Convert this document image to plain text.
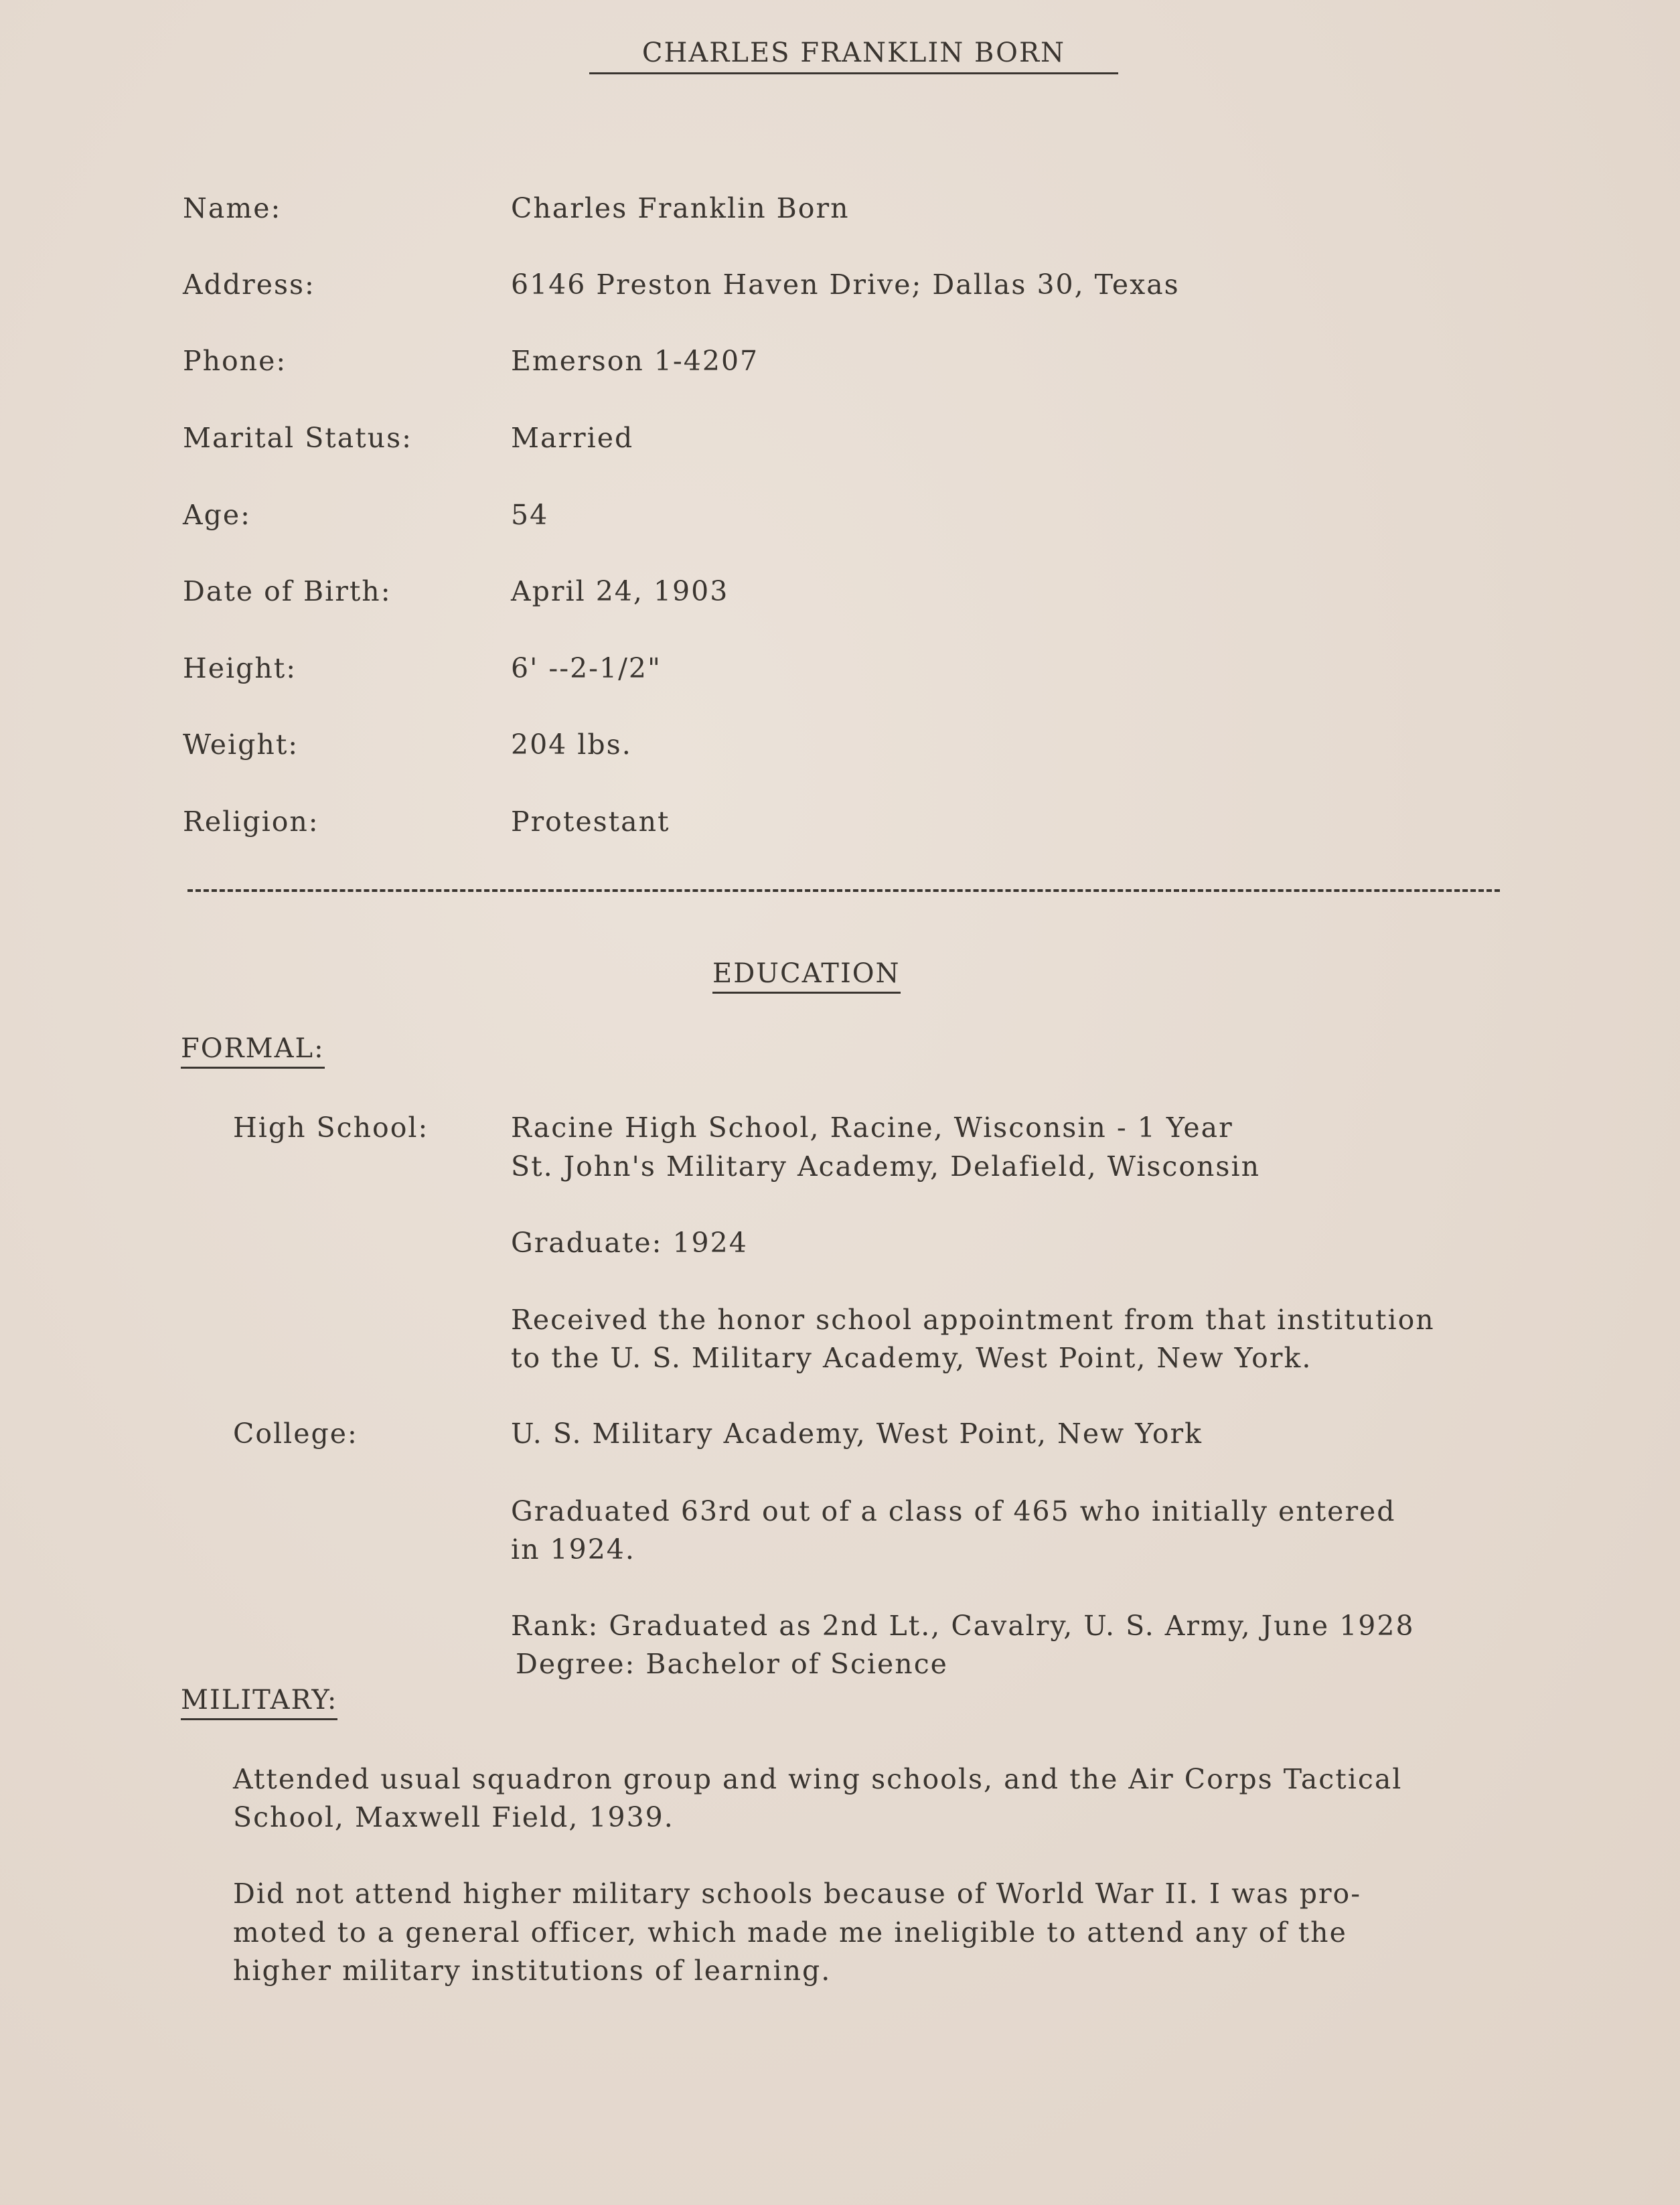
CHARLES FRANKLIN BORN
Name:	Charles Franklin Born
Address:	6146 Preston Haven Drive; Dallas 30, Texas
Phone:	Emerson 1-4207
Marital Status:	Married
Age:	54
Date of Birth:	April 24, 1903
Height:	6' --2-1/2"
Weight:	204 lbs.
Religion:	Protestant
EDUCATION
FORMAL:
High School:	Racine High School, Racine, Wisconsin - 1 Year
St. John's Military Academy, Delafield, Wisconsin
Graduate: 1924
Received the honor school appointment from that institution
to the U. S. Military Academy, West Point, New York.
College:	U. S. Military Academy, West Point, New York
Graduated 63rd out of a class of 465 who initially entered
in 1924.
Rank: Graduated as 2nd Lt., Cavalry, U. S. Army, June 1928
Degree: Bachelor of Science
MILITARY:
Attended usual squadron group and wing schools, and the Air Corps Tactical
School, Maxwell Field, 1939.
Did not attend higher military schools because of World War II. I was pro-
moted to a general officer, which made me ineligible to attend any of the
higher military institutions of learning.
